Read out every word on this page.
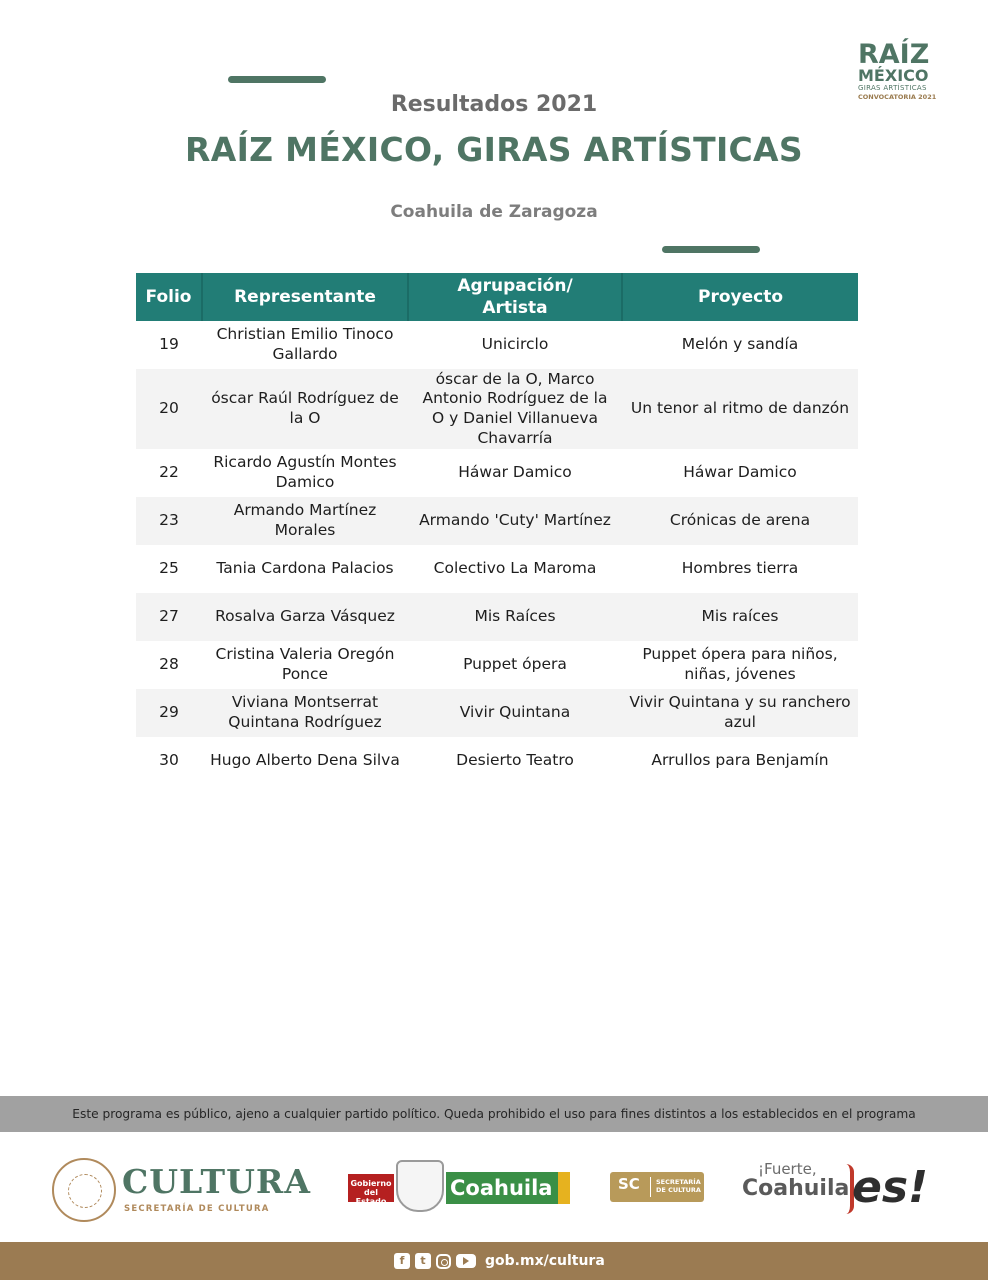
RAÍZ
MÉXICO
GIRAS ARTÍSTICAS
CONVOCATORIA 2021
Resultados 2021
RAÍZ MÉXICO, GIRAS ARTÍSTICAS
Coahuila de Zaragoza
Folio	Representante	Agrupación/ Artista	Proyecto
19	Christian Emilio Tinoco Gallardo	Unicirclo	Melón y sandía
20	óscar Raúl Rodríguez de la O	óscar de la O, Marco Antonio Rodríguez de la O y Daniel Villanueva Chavarría	Un tenor al ritmo de danzón
22	Ricardo Agustín Montes Damico	Háwar Damico	Háwar Damico
23	Armando Martínez Morales	Armando 'Cuty' Martínez	Crónicas de arena
25	Tania Cardona Palacios	Colectivo La Maroma	Hombres tierra
27	Rosalva Garza Vásquez	Mis Raíces	Mis raíces
28	Cristina Valeria Oregón Ponce	Puppet ópera	Puppet ópera para niños, niñas, jóvenes
29	Viviana Montserrat Quintana Rodríguez	Vivir Quintana	Vivir Quintana y su ranchero azul
30	Hugo Alberto Dena Silva	Desierto Teatro	Arrullos para Benjamín
Este programa es público, ajeno a cualquier partido político. Queda prohibido el uso para fines distintos a los establecidos en el programa
CULTURA
SECRETARÍA DE CULTURA
Gobierno del Estado
Coahuila	SC SECRETARÍA DE CULTURA
¡Fuerte,
Coahuila es!
f	t	gob.mx/cultura
